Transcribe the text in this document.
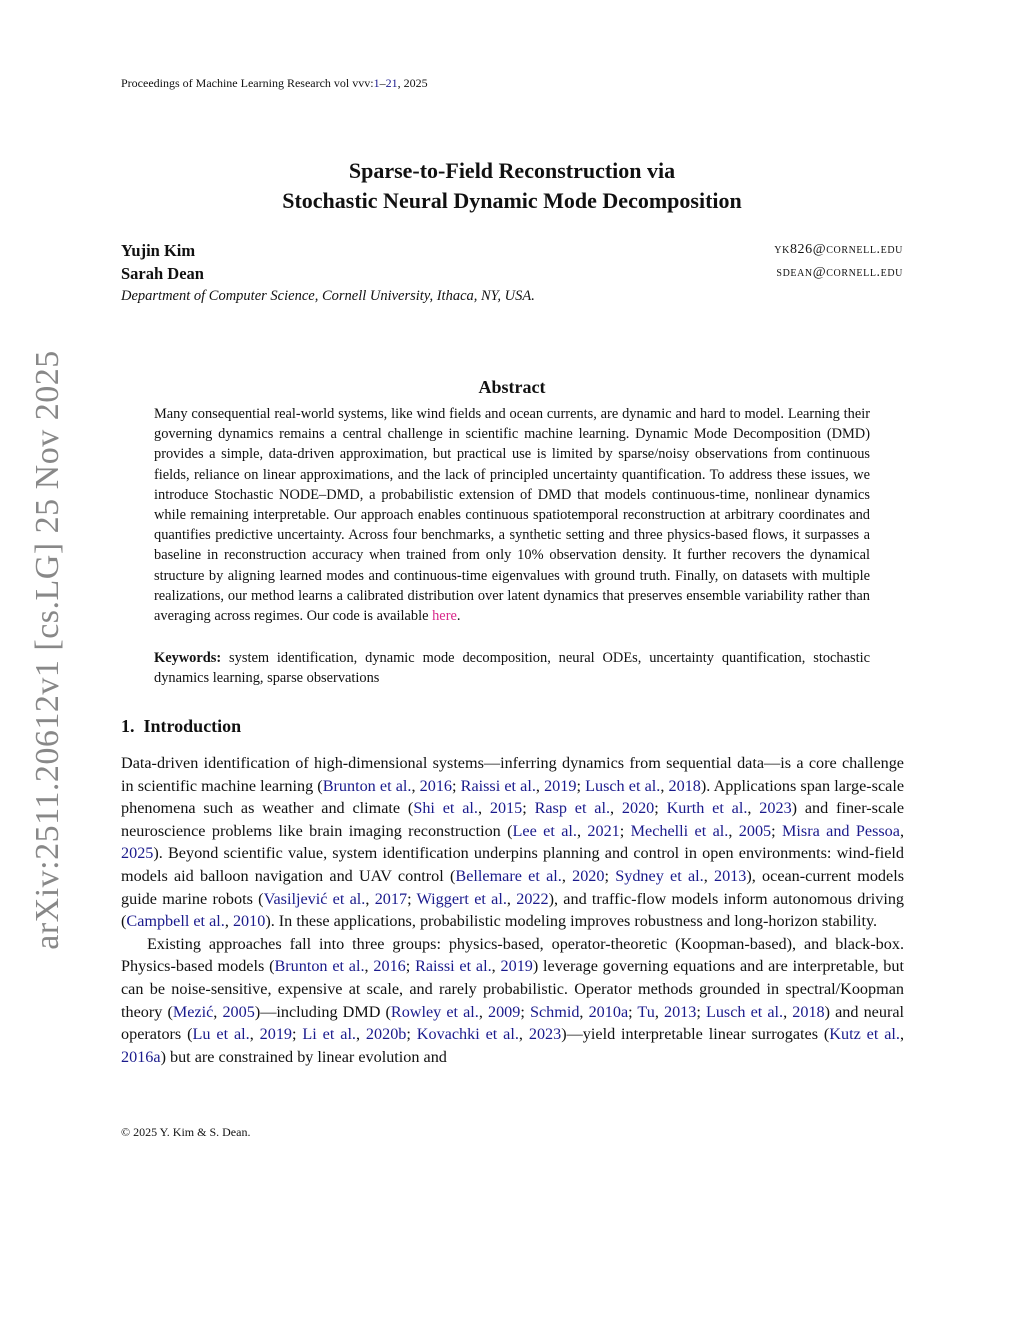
arXiv:2511.20612v1 [cs.LG] 25 Nov 2025
Proceedings of Machine Learning Research vol vvv:1–21, 2025
Sparse-to-Field Reconstruction via
Stochastic Neural Dynamic Mode Decomposition
Yujin Kim	yk826@cornell.edu
Sarah Dean	sdean@cornell.edu
Department of Computer Science, Cornell University, Ithaca, NY, USA.
Abstract

Many consequential real-world systems, like wind fields and ocean currents, are dynamic and hard to model. Learning their governing dynamics remains a central challenge in scientific machine learning. Dynamic Mode Decomposition (DMD) provides a simple, data-driven approximation, but practical use is limited by sparse/noisy observations from continuous fields, reliance on linear approximations, and the lack of principled uncertainty quantification. To address these issues, we introduce Stochastic NODE–DMD, a probabilistic extension of DMD that models continuous-time, nonlinear dynamics while remaining interpretable. Our approach enables continuous spatiotemporal reconstruction at arbitrary coordinates and quantifies predictive uncertainty. Across four benchmarks, a synthetic setting and three physics-based flows, it surpasses a baseline in reconstruction accuracy when trained from only 10% observation density. It further recovers the dynamical structure by aligning learned modes and continuous-time eigenvalues with ground truth. Finally, on datasets with multiple realizations, our method learns a calibrated distribution over latent dynamics that preserves ensemble variability rather than averaging across regimes. Our code is available here.

Keywords: system identification, dynamic mode decomposition, neural ODEs, uncertainty quantification, stochastic dynamics learning, sparse observations
1. Introduction

Data-driven identification of high-dimensional systems—inferring dynamics from sequential data—is a core challenge in scientific machine learning (Brunton et al., 2016; Raissi et al., 2019; Lusch et al., 2018). Applications span large-scale phenomena such as weather and climate (Shi et al., 2015; Rasp et al., 2020; Kurth et al., 2023) and finer-scale neuroscience problems like brain imaging reconstruction (Lee et al., 2021; Mechelli et al., 2005; Misra and Pessoa, 2025). Beyond scientific value, system identification underpins planning and control in open environments: wind-field models aid balloon navigation and UAV control (Bellemare et al., 2020; Sydney et al., 2013), ocean-current models guide marine robots (Vasiljević et al., 2017; Wiggert et al., 2022), and traffic-flow models inform autonomous driving (Campbell et al., 2010). In these applications, probabilistic modeling improves robustness and long-horizon stability.

Existing approaches fall into three groups: physics-based, operator-theoretic (Koopman-based), and black-box. Physics-based models (Brunton et al., 2016; Raissi et al., 2019) leverage governing equations and are interpretable, but can be noise-sensitive, expensive at scale, and rarely probabilistic. Operator methods grounded in spectral/Koopman theory (Mezić, 2005)—including DMD (Rowley et al., 2009; Schmid, 2010a; Tu, 2013; Lusch et al., 2018) and neural operators (Lu et al., 2019; Li et al., 2020b; Kovachki et al., 2023)—yield interpretable linear surrogates (Kutz et al., 2016a) but are constrained by linear evolution and

© 2025 Y. Kim & S. Dean.
